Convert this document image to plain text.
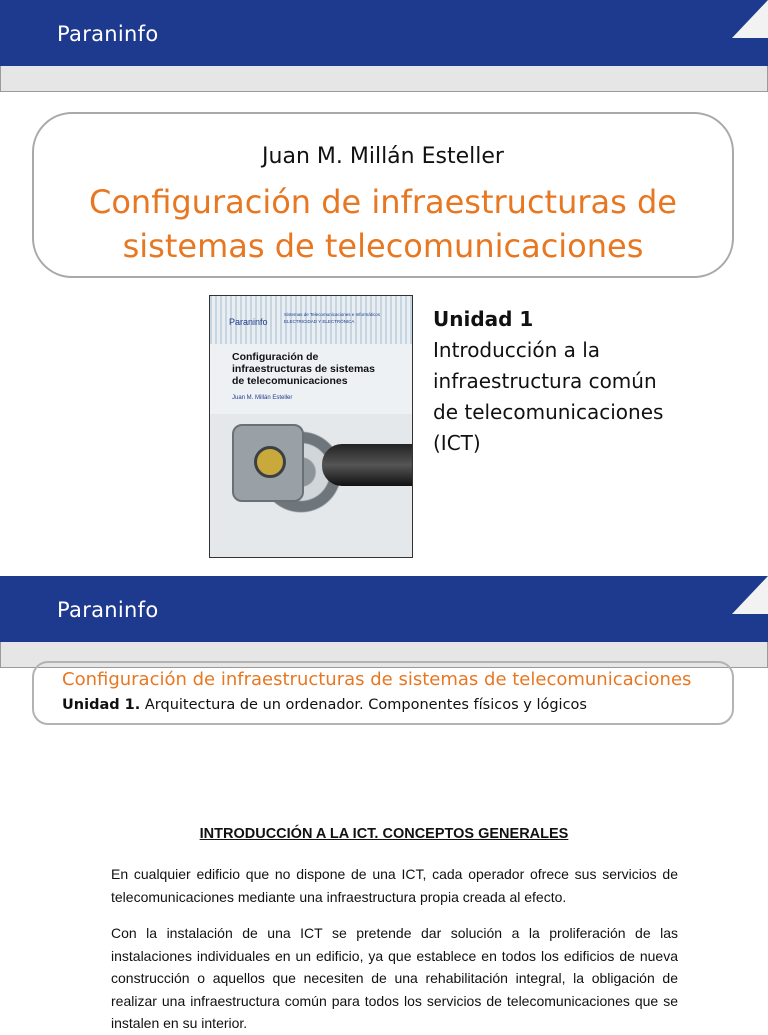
Paraninfo
Juan M. Millán Esteller
Configuración de infraestructuras de
sistemas de telecomunicaciones
Paraninfo
Sistemas de Telecomunicaciones e Informáticos
ELECTRICIDAD Y ELECTRÓNICA
Configuración de
infraestructuras de sistemas
de telecomunicaciones
Juan M. Millán Esteller
Unidad 1
Introducción a la
infraestructura común
de telecomunicaciones
(ICT)
Paraninfo
Configuración de infraestructuras de sistemas de telecomunicaciones
Unidad 1. Arquitectura de un ordenador. Componentes físicos y lógicos
INTRODUCCIÓN A LA ICT. CONCEPTOS GENERALES
En cualquier edificio que no dispone de una ICT, cada operador ofrece sus servicios de telecomunicaciones mediante una infraestructura propia creada al efecto.
Con la instalación de una ICT se pretende dar solución a la proliferación de las instalaciones individuales en un edificio, ya que establece en todos los edificios de nueva construcción o aquellos que necesiten de una rehabilitación integral, la obligación de realizar una infraestructura común para todos los servicios de telecomunicaciones que se instalen en su interior.
